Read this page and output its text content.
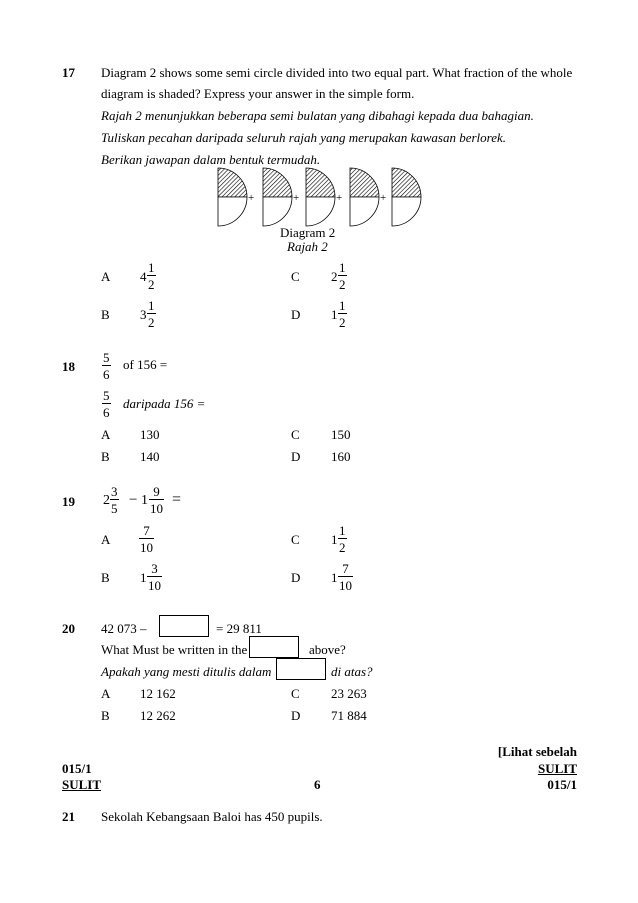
17 Diagram 2 shows some semi circle divided into two equal part. What fraction of the whole
diagram is shaded? Express your answer in the simple form.
Rajah 2 menunjukkan beberapa semi bulatan yang dibahagi kepada dua bahagian.
Tuliskan pecahan daripada seluruh rajah yang merupakan kawasan berlorek.
Berikan jawapan dalam bentuk termudah.
+	+	+	+
Diagram 2
Rajah 2
A $4 \frac{1}{2}$	C $2 \frac{1}{2}$
B $3 \frac{1}{2}$	D $1 \frac{1}{2}$
$18 \frac{5}{6}$ of 156 =
$\frac{5}{6}$ daripada 156 =
A 130	C 150
B 140	D 160
19 $2 \frac{3}{5} - 1 \frac{9}{10}$ =
A $\frac{7}{10}$	C $1 \frac{1}{2}$
B $1 \frac{3}{10}$	D $1 \frac{7}{10}$
20 42 073 –	= 29 811
What Must be written in the	above?
Apakah yang mesti ditulis dalam	di atas?
A 12 162	C 23 263
B 12 262	D 71 884
[Lihat sebelah
015/1	SULIT
SULIT	6	015/1
21 Sekolah Kebangsaan Baloi has 450 pupils.
